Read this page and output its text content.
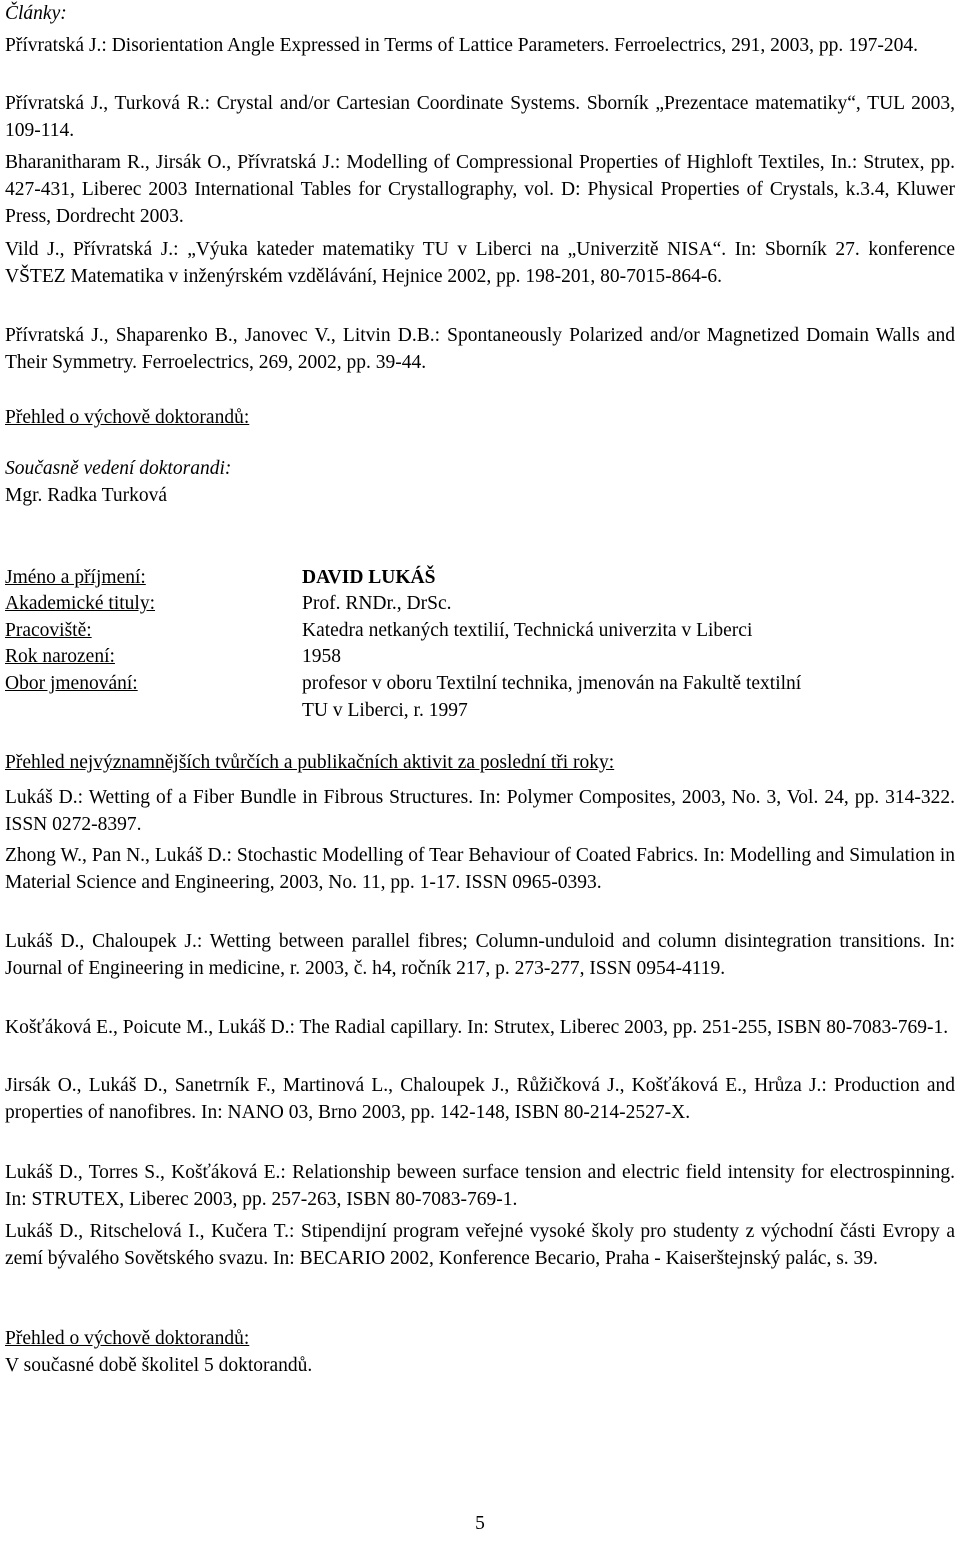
Články:

Přívratská J.: Disorientation Angle Expressed in Terms of Lattice Parameters. Ferroelectrics, 291, 2003, pp. 197-204.

Přívratská J., Turková R.: Crystal and/or Cartesian Coordinate Systems. Sborník „Prezentace matematiky“, TUL 2003, 109-114.

Bharanitharam R., Jirsák O., Přívratská J.: Modelling of Compressional Properties of Highloft Textiles, In.: Strutex, pp. 427-431, Liberec 2003 International Tables for Crystallography, vol. D: Physical Properties of Crystals, k.3.4, Kluwer Press, Dordrecht 2003.

Vild J., Přívratská J.: „Výuka kateder matematiky TU v Liberci na „Univerzitě NISA“. In: Sborník 27. konference VŠTEZ Matematika v inženýrském vzdělávání, Hejnice 2002, pp. 198-201, 80-7015-864-6.

Přívratská J., Shaparenko B., Janovec V., Litvin D.B.: Spontaneously Polarized and/or Magnetized Domain Walls and Their Symmetry. Ferroelectrics, 269, 2002, pp. 39-44.

Přehled o výchově doktorandů:

Současně vedení doktorandi:

Mgr. Radka Turková

Jméno a příjmení:	DAVID LUKÁŠ
Akademické tituly:	Prof. RNDr., DrSc.
Pracoviště:	Katedra netkaných textilií, Technická univerzita v Liberci
Rok narození:	1958
Obor jmenování:	profesor v oboru Textilní technika, jmenován na Fakultě textilní
TU v Liberci, r. 1997

Přehled nejvýznamnějších tvůrčích a publikačních aktivit za poslední tři roky:

Lukáš D.: Wetting of a Fiber Bundle in Fibrous Structures. In: Polymer Composites, 2003, No. 3, Vol. 24, pp. 314-322. ISSN 0272-8397.

Zhong W., Pan N., Lukáš D.: Stochastic Modelling of Tear Behaviour of Coated Fabrics. In: Modelling and Simulation in Material Science and Engineering, 2003, No. 11, pp. 1-17. ISSN 0965-0393.

Lukáš D., Chaloupek J.: Wetting between parallel fibres; Column-unduloid and column disintegration transitions. In: Journal of Engineering in medicine, r. 2003, č. h4, ročník 217, p. 273-277, ISSN 0954-4119.

Košťáková E., Poicute M., Lukáš D.: The Radial capillary. In: Strutex, Liberec 2003, pp. 251-255, ISBN 80-7083-769-1.

Jirsák O., Lukáš D., Sanetrník F., Martinová L., Chaloupek J., Růžičková J., Košťáková E., Hrůza J.: Production and properties of nanofibres. In: NANO 03, Brno 2003, pp. 142-148, ISBN 80-214-2527-X.

Lukáš D., Torres S., Košťáková E.: Relationship beween surface tension and electric field intensity for electrospinning. In: STRUTEX, Liberec 2003, pp. 257-263, ISBN 80-7083-769-1.

Lukáš D., Ritschelová I., Kučera T.: Stipendijní program veřejné vysoké školy pro studenty z východní části Evropy a zemí bývalého Sovětského svazu. In: BECARIO 2002, Konference Becario, Praha - Kaiserštejnský palác, s. 39.

Přehled o výchově doktorandů:

V současné době školitel 5 doktorandů.

5
